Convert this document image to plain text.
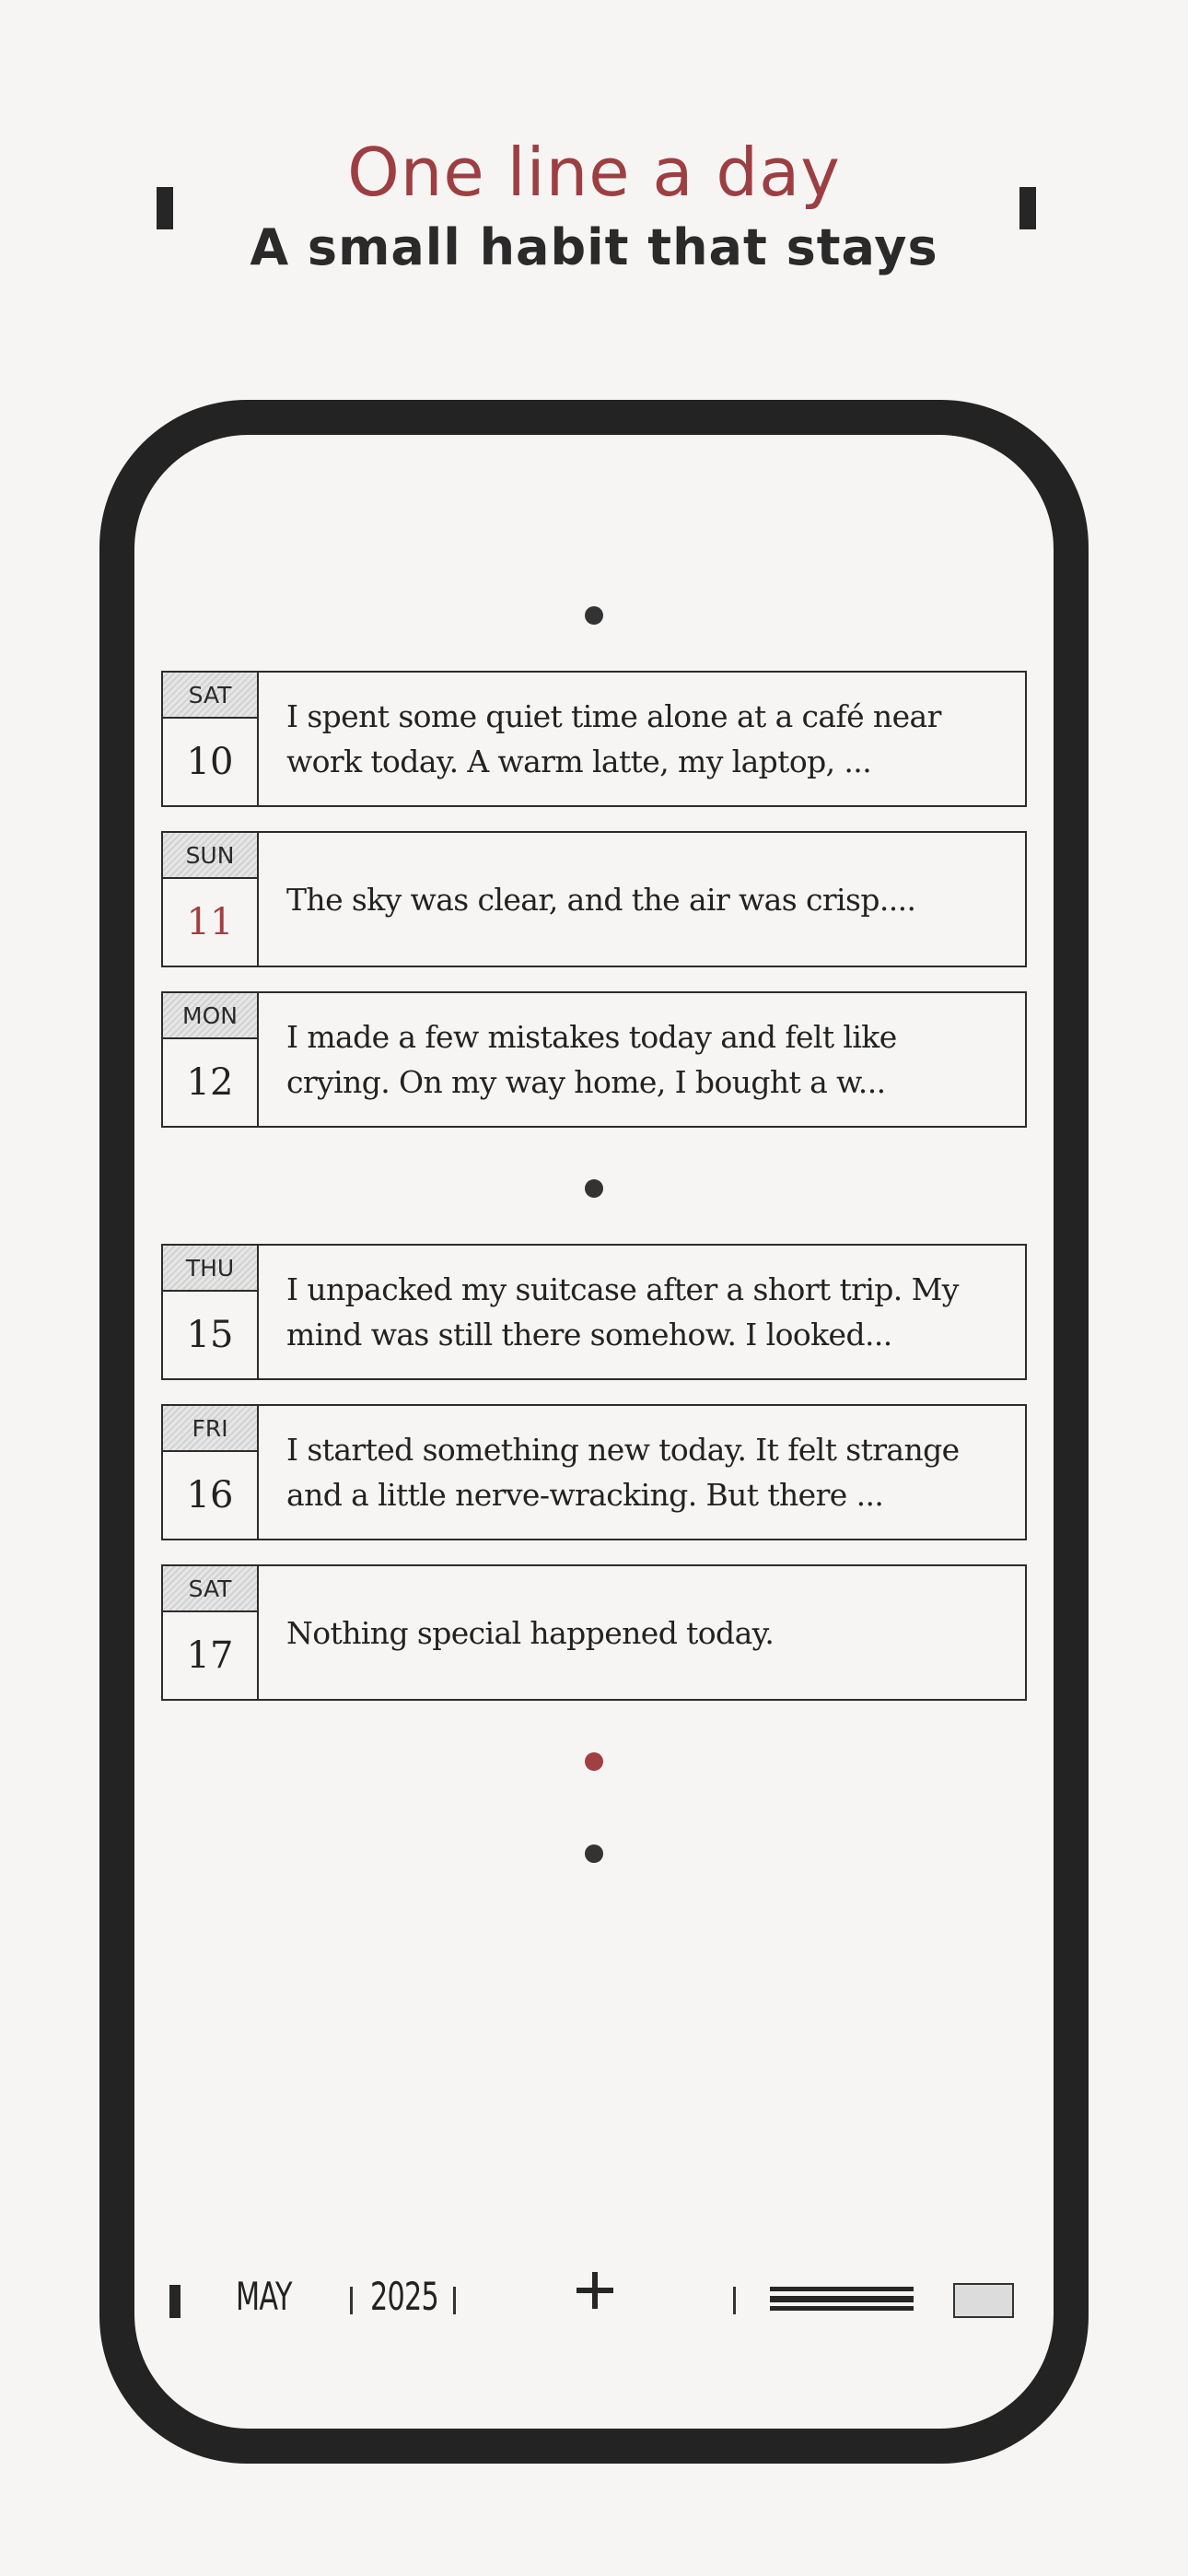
One line a day
A small habit that stays
SAT
10
I spent some quiet time alone at a café near work today. A warm latte, my laptop, ...
SUN
11
The sky was clear, and the air was crisp....
MON
12
I made a few mistakes today and felt like crying. On my way home, I bought a w...
THU
15
I unpacked my suitcase after a short trip. My mind was still there somehow. I looked...
FRI
16
I started something new today. It felt strange and a little nerve-wracking. But there ...
SAT
17
Nothing special happened today.
MAY 2025
